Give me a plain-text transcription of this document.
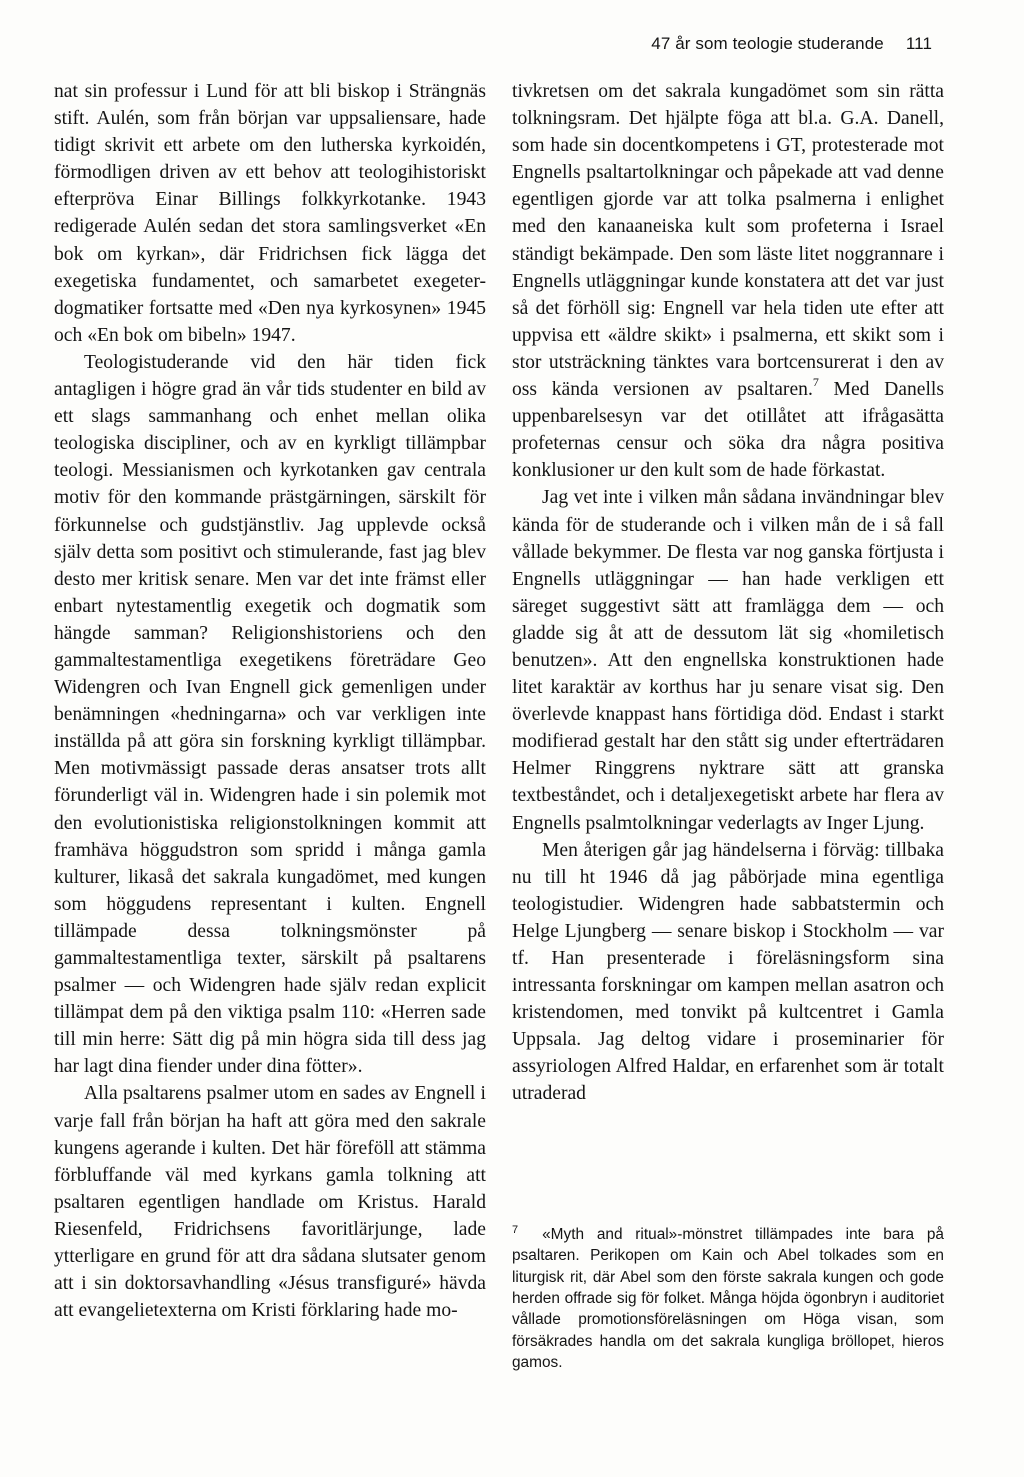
47 år som teologie studerande 111

nat sin professur i Lund för att bli biskop i Strängnäs stift. Aulén, som från början var uppsaliensare, hade tidigt skrivit ett arbete om den lutherska kyrkoidén, förmodligen driven av ett behov att teologihistoriskt efterpröva Einar Billings folkkyrkotanke. 1943 redigerade Aulén sedan det stora samlingsverket «En bok om kyrkan», där Fridrichsen fick lägga det exegetiska fundamentet, och samarbetet exegeter-dogmatiker fortsatte med «Den nya kyrkosynen» 1945 och «En bok om bibeln» 1947.

Teologistuderande vid den här tiden fick antagligen i högre grad än vår tids studenter en bild av ett slags sammanhang och enhet mellan olika teologiska discipliner, och av en kyrkligt tillämpbar teologi. Messianismen och kyrkotanken gav centrala motiv för den kommande prästgärningen, särskilt för förkunnelse och gudstjänstliv. Jag upplevde också själv detta som positivt och stimulerande, fast jag blev desto mer kritisk senare. Men var det inte främst eller enbart nytestamentlig exegetik och dogmatik som hängde samman? Religionshistoriens och den gammaltestamentliga exegetikens företrädare Geo Widengren och Ivan Engnell gick gemenligen under benämningen «hedningarna» och var verkligen inte inställda på att göra sin forskning kyrkligt tillämpbar. Men motivmässigt passade deras ansatser trots allt förunderligt väl in. Widengren hade i sin polemik mot den evolutionistiska religionstolkningen kommit att framhäva höggudstron som spridd i många gamla kulturer, likaså det sakrala kungadömet, med kungen som höggudens representant i kulten. Engnell tillämpade dessa tolkningsmönster på gammaltestamentliga texter, särskilt på psaltarens psalmer — och Widengren hade själv redan explicit tillämpat dem på den viktiga psalm 110: «Herren sade till min herre: Sätt dig på min högra sida till dess jag har lagt dina fiender under dina fötter».

Alla psaltarens psalmer utom en sades av Engnell i varje fall från början ha haft att göra med den sakrale kungens agerande i kulten. Det här föreföll att stämma förbluffande väl med kyrkans gamla tolkning att psaltaren egentligen handlade om Kristus. Harald Riesenfeld, Fridrichsens favoritlärjunge, lade ytterligare en grund för att dra sådana slutsater genom att i sin doktorsavhandling «Jésus transfiguré» hävda att evangelietexterna om Kristi förklaring hade mo-

tivkretsen om det sakrala kungadömet som sin rätta tolkningsram. Det hjälpte föga att bl.a. G.A. Danell, som hade sin docentkompetens i GT, protesterade mot Engnells psaltartolkningar och påpekade att vad denne egentligen gjorde var att tolka psalmerna i enlighet med den kanaaneiska kult som profeterna i Israel ständigt bekämpade. Den som läste litet noggrannare i Engnells utläggningar kunde konstatera att det var just så det förhöll sig: Engnell var hela tiden ute efter att uppvisa ett «äldre skikt» i psalmerna, ett skikt som i stor utsträckning tänktes vara bortcensurerat i den av oss kända versionen av psaltaren.$^7$ Med Danells uppenbarelsesyn var det otillåtet att ifrågasätta profeternas censur och söka dra några positiva konklusioner ur den kult som de hade förkastat.

Jag vet inte i vilken mån sådana invändningar blev kända för de studerande och i vilken mån de i så fall vållade bekymmer. De flesta var nog ganska förtjusta i Engnells utläggningar — han hade verkligen ett säreget suggestivt sätt att framlägga dem — och gladde sig åt att de dessutom lät sig «homiletisch benutzen». Att den engnellska konstruktionen hade litet karaktär av korthus har ju senare visat sig. Den överlevde knappast hans förtidiga död. Endast i starkt modifierad gestalt har den stått sig under efterträdaren Helmer Ringgrens nyktrare sätt att granska textbeståndet, och i detaljexegetiskt arbete har flera av Engnells psalmtolkningar vederlagts av Inger Ljung.

Men återigen går jag händelserna i förväg: tillbaka nu till ht 1946 då jag påbörjade mina egentliga teologistudier. Widengren hade sabbatstermin och Helge Ljungberg — senare biskop i Stockholm — var tf. Han presenterade i föreläsningsform sina intressanta forskningar om kampen mellan asatron och kristendomen, med tonvikt på kultcentret i Gamla Uppsala. Jag deltog vidare i proseminarier för assyriologen Alfred Haldar, en erfarenhet som är totalt utraderad

$^7$ «Myth and ritual»-mönstret tillämpades inte bara på psaltaren. Perikopen om Kain och Abel tolkades som en liturgisk rit, där Abel som den förste sakrala kungen och gode herden offrade sig för folket. Många höjda ögonbryn i auditoriet vållade promotionsföreläsningen om Höga visan, som försäkrades handla om det sakrala kungliga bröllopet, hieros gamos.
